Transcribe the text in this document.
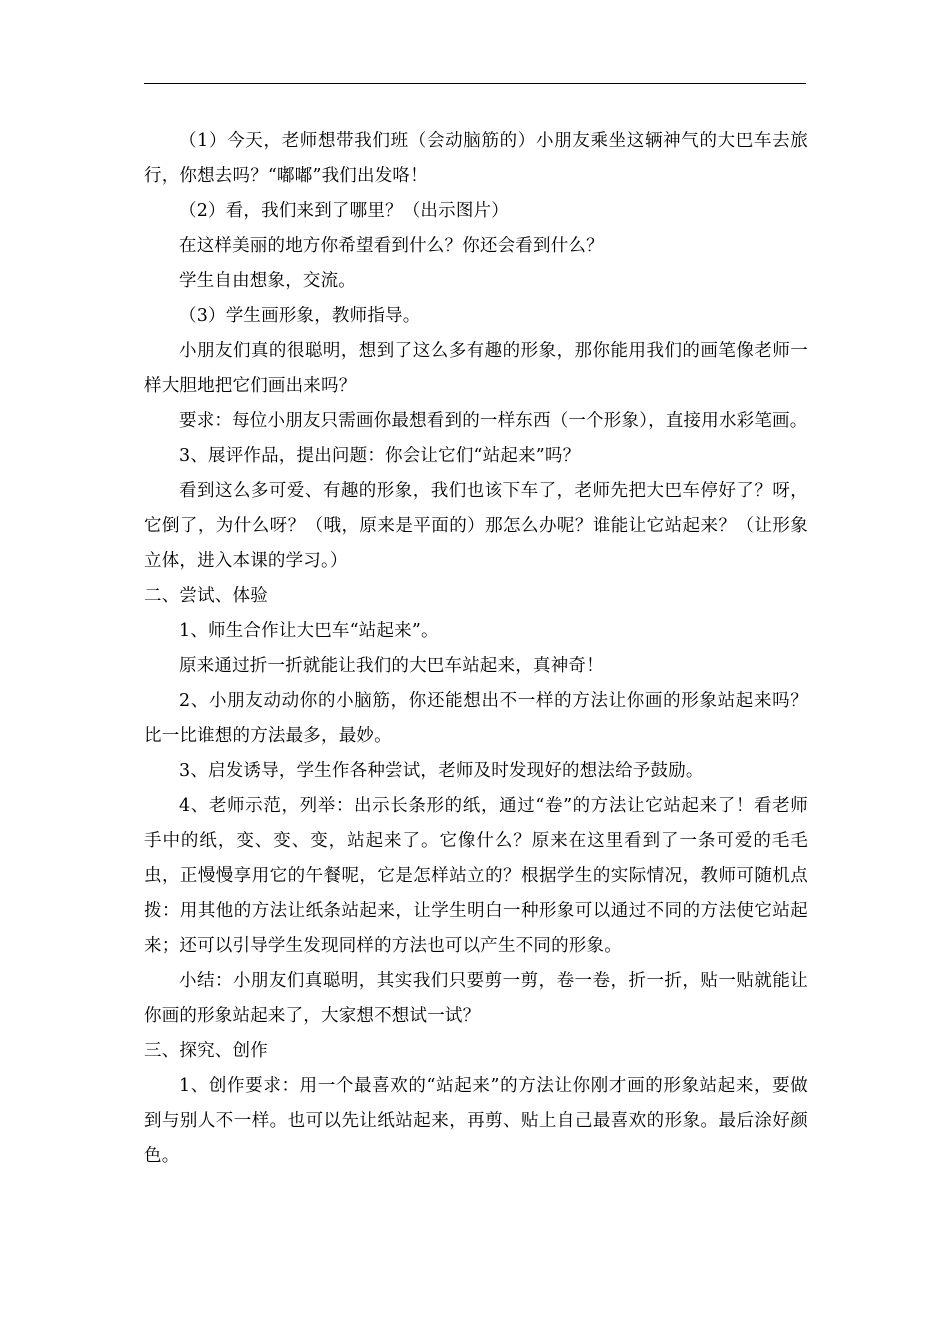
（1）今天，老师想带我们班（会动脑筋的）小朋友乘坐这辆神气的大巴车去旅行，你想去吗？“嘟嘟”我们出发咯！

（2）看，我们来到了哪里？（出示图片）

在这样美丽的地方你希望看到什么？你还会看到什么？

学生自由想象，交流。

（3）学生画形象，教师指导。

小朋友们真的很聪明，想到了这么多有趣的形象，那你能用我们的画笔像老师一样大胆地把它们画出来吗？

要求：每位小朋友只需画你最想看到的一样东西（一个形象），直接用水彩笔画。

3、展评作品，提出问题：你会让它们“站起来”吗？

看到这么多可爱、有趣的形象，我们也该下车了，老师先把大巴车停好了？呀，它倒了，为什么呀？（哦，原来是平面的）那怎么办呢？谁能让它站起来？（让形象立体，进入本课的学习。）

二、尝试、体验

1、师生合作让大巴车“站起来”。

原来通过折一折就能让我们的大巴车站起来，真神奇！

2、小朋友动动你的小脑筋，你还能想出不一样的方法让你画的形象站起来吗？ 比一比谁想的方法最多，最妙。

3、启发诱导，学生作各种尝试，老师及时发现好的想法给予鼓励。

4、老师示范，列举：出示长条形的纸，通过“卷”的方法让它站起来了！看老师手中的纸，变、变、变，站起来了。它像什么？原来在这里看到了一条可爱的毛毛虫，正慢慢享用它的午餐呢，它是怎样站立的？根据学生的实际情况，教师可随机点拨：用其他的方法让纸条站起来，让学生明白一种形象可以通过不同的方法使它站起来；还可以引导学生发现同样的方法也可以产生不同的形象。

小结：小朋友们真聪明，其实我们只要剪一剪，卷一卷，折一折，贴一贴就能让你画的形象站起来了，大家想不想试一试？

三、探究、创作

1、创作要求：用一个最喜欢的“站起来”的方法让你刚才画的形象站起来，要做到与别人不一样。也可以先让纸站起来，再剪、贴上自己最喜欢的形象。最后涂好颜色。
